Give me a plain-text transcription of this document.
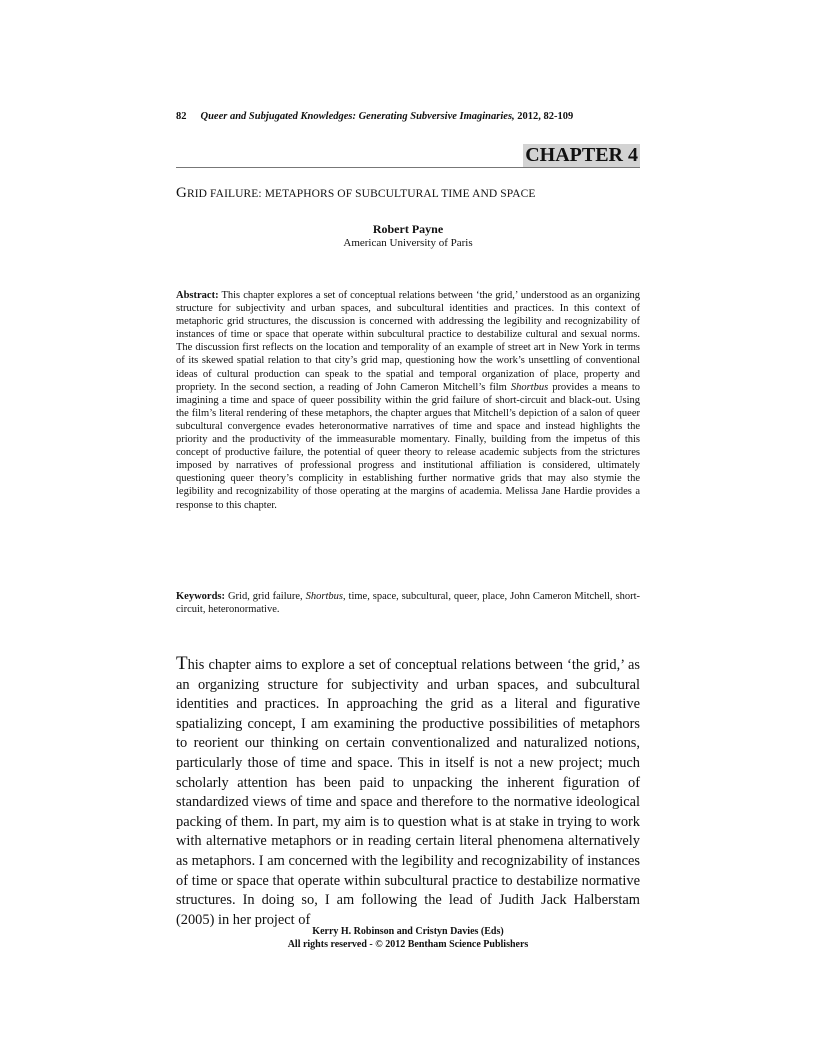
82 Queer and Subjugated Knowledges: Generating Subversive Imaginaries, 2012, 82-109
CHAPTER 4
GRID FAILURE: METAPHORS OF SUBCULTURAL TIME AND SPACE
Robert Payne
American University of Paris

Abstract: This chapter explores a set of conceptual relations between ‘the grid,’ understood as an organizing structure for subjectivity and urban spaces, and subcultural identities and practices. In this context of metaphoric grid structures, the discussion is concerned with addressing the legibility and recognizability of instances of time or space that operate within subcultural practice to destabilize cultural and sexual norms. The discussion first reflects on the location and temporality of an example of street art in New York in terms of its skewed spatial relation to that city’s grid map, questioning how the work’s unsettling of conventional ideas of cultural production can speak to the spatial and temporal organization of place, property and propriety. In the second section, a reading of John Cameron Mitchell’s film Shortbus provides a means to imagining a time and space of queer possibility within the grid failure of short-circuit and black-out. Using the film’s literal rendering of these metaphors, the chapter argues that Mitchell’s depiction of a salon of queer subcultural convergence evades heteronormative narratives of time and space and instead highlights the priority and the productivity of the immeasurable momentary. Finally, building from the impetus of this concept of productive failure, the potential of queer theory to release academic subjects from the strictures imposed by narratives of professional progress and institutional affiliation is considered, ultimately questioning queer theory’s complicity in establishing further normative grids that may also stymie the legibility and recognizability of those operating at the margins of academia. Melissa Jane Hardie provides a response to this chapter.

Keywords: Grid, grid failure, Shortbus, time, space, subcultural, queer, place, John Cameron Mitchell, short-circuit, heteronormative.

This chapter aims to explore a set of conceptual relations between ‘the grid,’ as an organizing structure for subjectivity and urban spaces, and subcultural identities and practices. In approaching the grid as a literal and figurative spatializing concept, I am examining the productive possibilities of metaphors to reorient our thinking on certain conventionalized and naturalized notions, particularly those of time and space. This in itself is not a new project; much scholarly attention has been paid to unpacking the inherent figuration of standardized views of time and space and therefore to the normative ideological packing of them. In part, my aim is to question what is at stake in trying to work with alternative metaphors or in reading certain literal phenomena alternatively as metaphors. I am concerned with the legibility and recognizability of instances of time or space that operate within subcultural practice to destabilize normative structures. In doing so, I am following the lead of Judith Jack Halberstam (2005) in her project of

Kerry H. Robinson and Cristyn Davies (Eds)
All rights reserved - © 2012 Bentham Science Publishers
